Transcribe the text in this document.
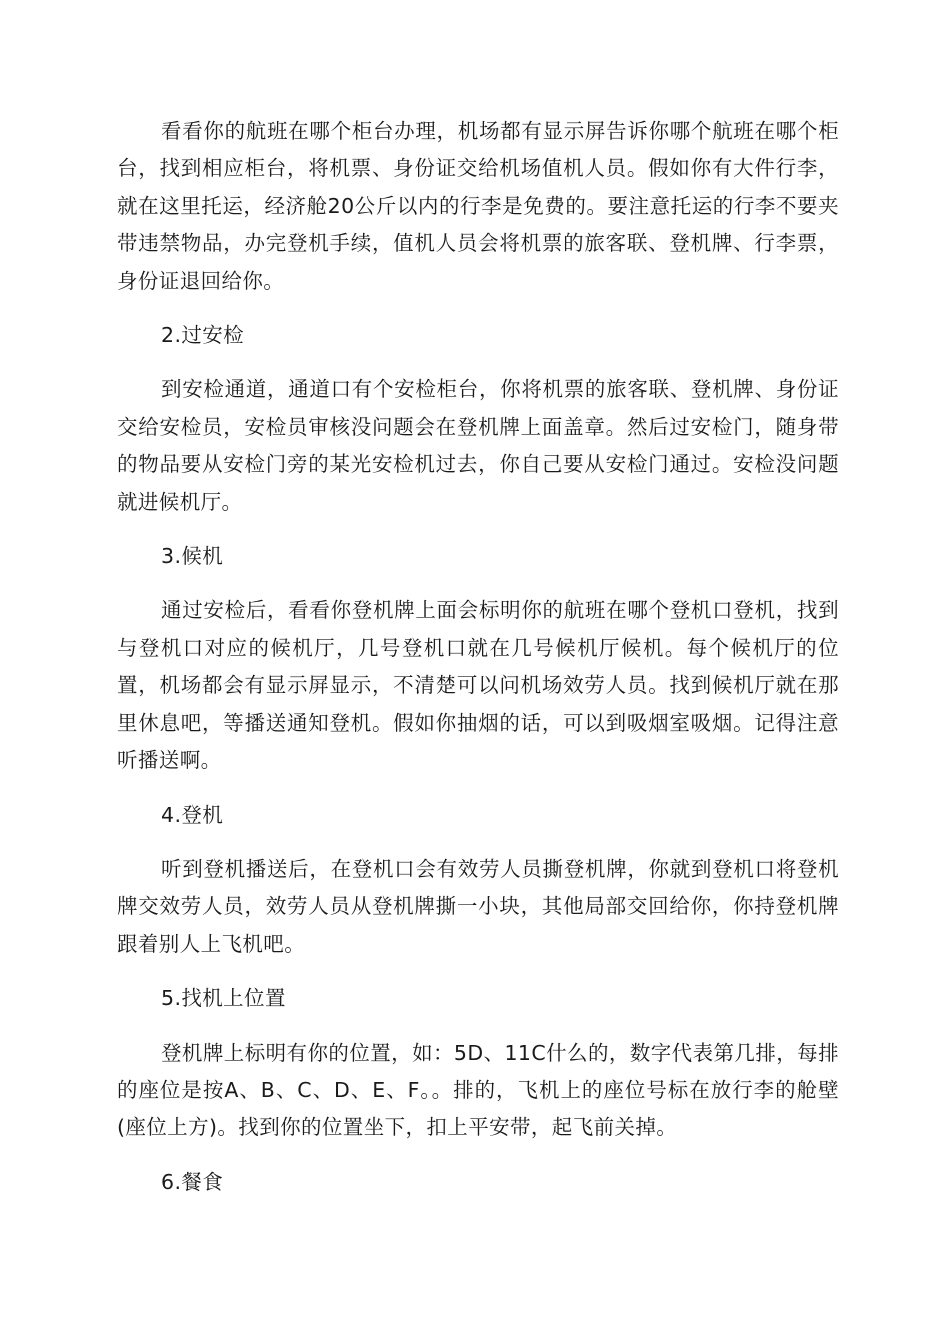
看看你的航班在哪个柜台办理，机场都有显示屏告诉你哪个航班在哪个柜台，找到相应柜台，将机票、身份证交给机场值机人员。假如你有大件行李，就在这里托运，经济舱20公斤以内的行李是免费的。要注意托运的行李不要夹带违禁物品，办完登机手续，值机人员会将机票的旅客联、登机牌、行李票，身份证退回给你。

2.过安检

到安检通道，通道口有个安检柜台，你将机票的旅客联、登机牌、身份证交给安检员，安检员审核没问题会在登机牌上面盖章。然后过安检门，随身带的物品要从安检门旁的某光安检机过去，你自己要从安检门通过。安检没问题就进候机厅。

3.候机

通过安检后，看看你登机牌上面会标明你的航班在哪个登机口登机，找到与登机口对应的候机厅，几号登机口就在几号候机厅候机。每个候机厅的位置，机场都会有显示屏显示，不清楚可以问机场效劳人员。找到候机厅就在那里休息吧，等播送通知登机。假如你抽烟的话，可以到吸烟室吸烟。记得注意听播送啊。

4.登机

听到登机播送后，在登机口会有效劳人员撕登机牌，你就到登机口将登机牌交效劳人员，效劳人员从登机牌撕一小块，其他局部交回给你，你持登机牌跟着别人上飞机吧。

5.找机上位置

登机牌上标明有你的位置，如：5D、11C什么的，数字代表第几排，每排的座位是按A、B、C、D、E、F。。排的，飞机上的座位号标在放行李的舱壁(座位上方)。找到你的位置坐下，扣上平安带，起飞前关掉。

6.餐食
